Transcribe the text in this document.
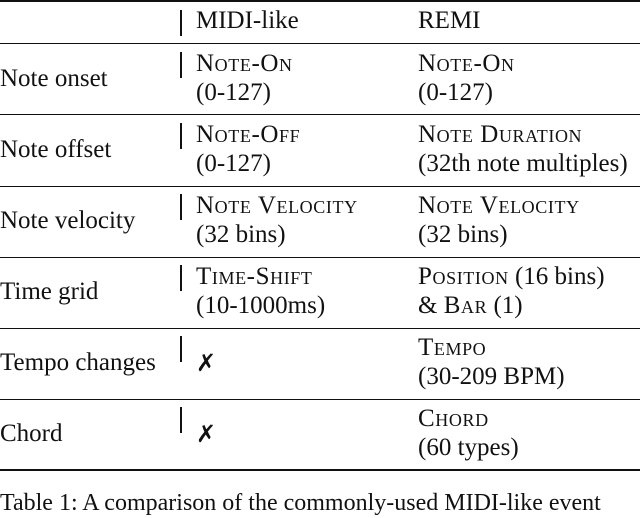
MIDI-like	REMI
Note onset
Note-On
(0-127)
Note-On
(0-127)
Note offset
Note-Off
(0-127)
Note Duration
(32th note multiples)
Note velocity
Note Velocity
(32 bins)
Note Velocity
(32 bins)
Time grid
Time-Shift
(10-1000ms)
Position (16 bins)
& Bar (1)
Tempo changes ✗
Tempo
(30-209 BPM)
Chord	✗
Chord
(60 types)
Table 1: A comparison of the commonly-used MIDI-like event
